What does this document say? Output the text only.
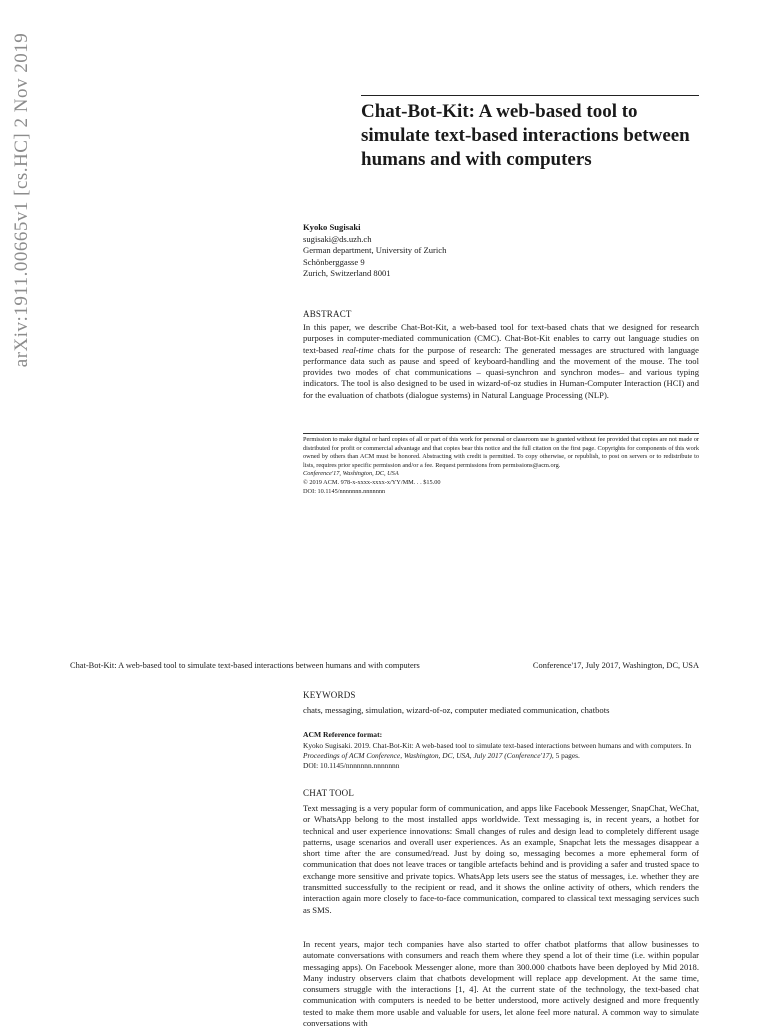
arXiv:1911.00665v1 [cs.HC] 2 Nov 2019	Chat-Bot-Kit: A web-based tool to simulate text-based interactions between humans and with computers
Kyoko Sugisaki
sugisaki@ds.uzh.ch
German department, University of Zurich
Schönberggasse 9
Zurich, Switzerland 8001
ABSTRACT

In this paper, we describe Chat-Bot-Kit, a web-based tool for text-based chats that we designed for research purposes in computer-mediated communication (CMC). Chat-Bot-Kit enables to carry out language studies on text-based real-time chats for the purpose of research: The generated messages are structured with language performance data such as pause and speed of keyboard-handling and the movement of the mouse. The tool provides two modes of chat communications – quasi-synchron and synchron modes– and various typing indicators. The tool is also designed to be used in wizard-of-oz studies in Human-Computer Interaction (HCI) and for the evaluation of chatbots (dialogue systems) in Natural Language Processing (NLP).

Permission to make digital or hard copies of all or part of this work for personal or classroom use is granted without fee provided that copies are not made or distributed for profit or commercial advantage and that copies bear this notice and the full citation on the first page. Copyrights for components of this work owned by others than ACM must be honored. Abstracting with credit is permitted. To copy otherwise, or republish, to post on servers or to redistribute to lists, requires prior specific permission and/or a fee. Request permissions from permissions@acm.org.

Conference'17, Washington, DC, USA

© 2019 ACM. 978-x-xxxx-xxxx-x/YY/MM. . . $15.00

DOI: 10.1145/nnnnnnn.nnnnnnn

Chat-Bot-Kit: A web-based tool to simulate text-based interactions between humans and with computers	Conference'17, July 2017, Washington, DC, USA
KEYWORDS
chats, messaging, simulation, wizard-of-oz, computer mediated communication, chatbots
ACM Reference format:
Kyoko Sugisaki. 2019. Chat-Bot-Kit: A web-based tool to simulate text-based interactions between humans and with computers. In Proceedings of ACM Conference, Washington, DC, USA, July 2017 (Conference'17), 5 pages.
DOI: 10.1145/nnnnnnn.nnnnnnn
CHAT TOOL

Text messaging is a very popular form of communication, and apps like Facebook Messenger, SnapChat, WeChat, or WhatsApp belong to the most installed apps worldwide. Text messaging is, in recent years, a hotbet for technical and user experience innovations: Small changes of rules and design lead to completely different usage patterns, usage scenarios and overall user experiences. As an example, Snapchat lets the messages disappear a short time after the are consumed/read. Just by doing so, messaging becomes a more ephemeral form of communication that does not leave traces or tangible artefacts behind and is providing a safer and trusted space to exchange more sensitive and private topics. WhatsApp lets users see the status of messages, i.e. whether they are transmitted successfully to the recipient or read, and it shows the online activity of others, which renders the interaction again more closely to face-to-face communication, compared to classical text messaging services such as SMS.

In recent years, major tech companies have also started to offer chatbot platforms that allow businesses to automate conversations with consumers and reach them where they spend a lot of their time (i.e. within popular messaging apps). On Facebook Messenger alone, more than 300.000 chatbots have been deployed by Mid 2018. Many industry observers claim that chatbots development will replace app development. At the same time, consumers struggle with the interactions [1, 4]. At the current state of the technology, the text-based chat communication with computers is needed to be better understood, more actively designed and more frequently tested to make them more usable and valuable for users, let alone feel more natural. A common way to simulate conversations with
